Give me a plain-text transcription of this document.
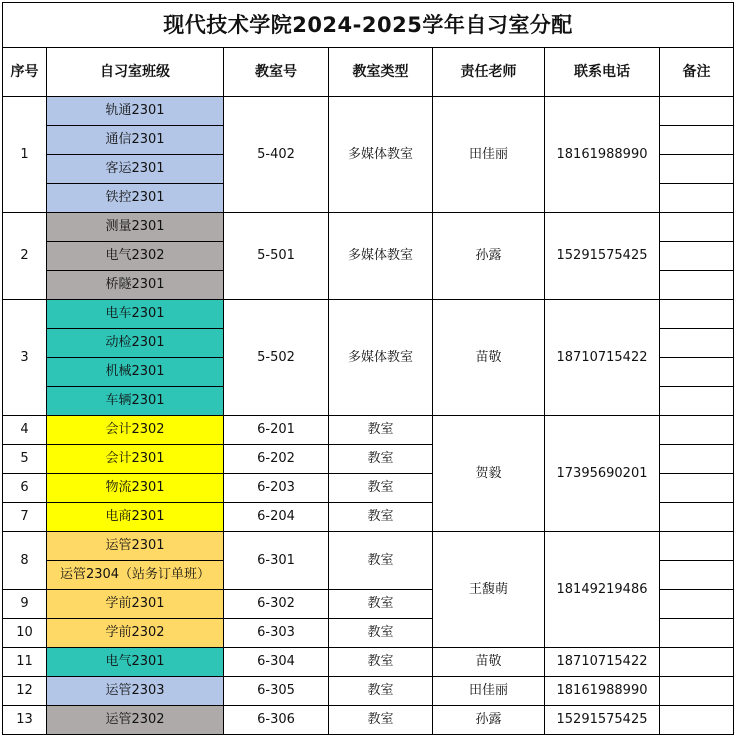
现代技术学院2024-2025学年自习室分配						
序号	自习室班级	教室号	教室类型	责任老师	联系电话	备注
1	轨通2301	5-402	多媒体教室	田佳丽	18161988990	
	通信2301					
	客运2301					
	铁控2301					
2	测量2301	5-501	多媒体教室	孙露	15291575425	
	电气2302					
	桥隧2301					
3	电车2301	5-502	多媒体教室	苗敬	18710715422	
	动检2301					
	机械2301					
	车辆2301					
4	会计2302	6-201	教室	贺毅	17395690201	
5	会计2301	6-202	教室			
6	物流2301	6-203	教室			
7	电商2301	6-204	教室			
8	运管2301	6-301	教室	王馥萌	18149219486	
	运管2304（站务订单班）					
9	学前2301	6-302	教室			
10	学前2302	6-303	教室			
11	电气2301	6-304	教室	苗敬	18710715422	
12	运管2303	6-305	教室	田佳丽	18161988990	
13	运管2302	6-306	教室	孙露	15291575425	
